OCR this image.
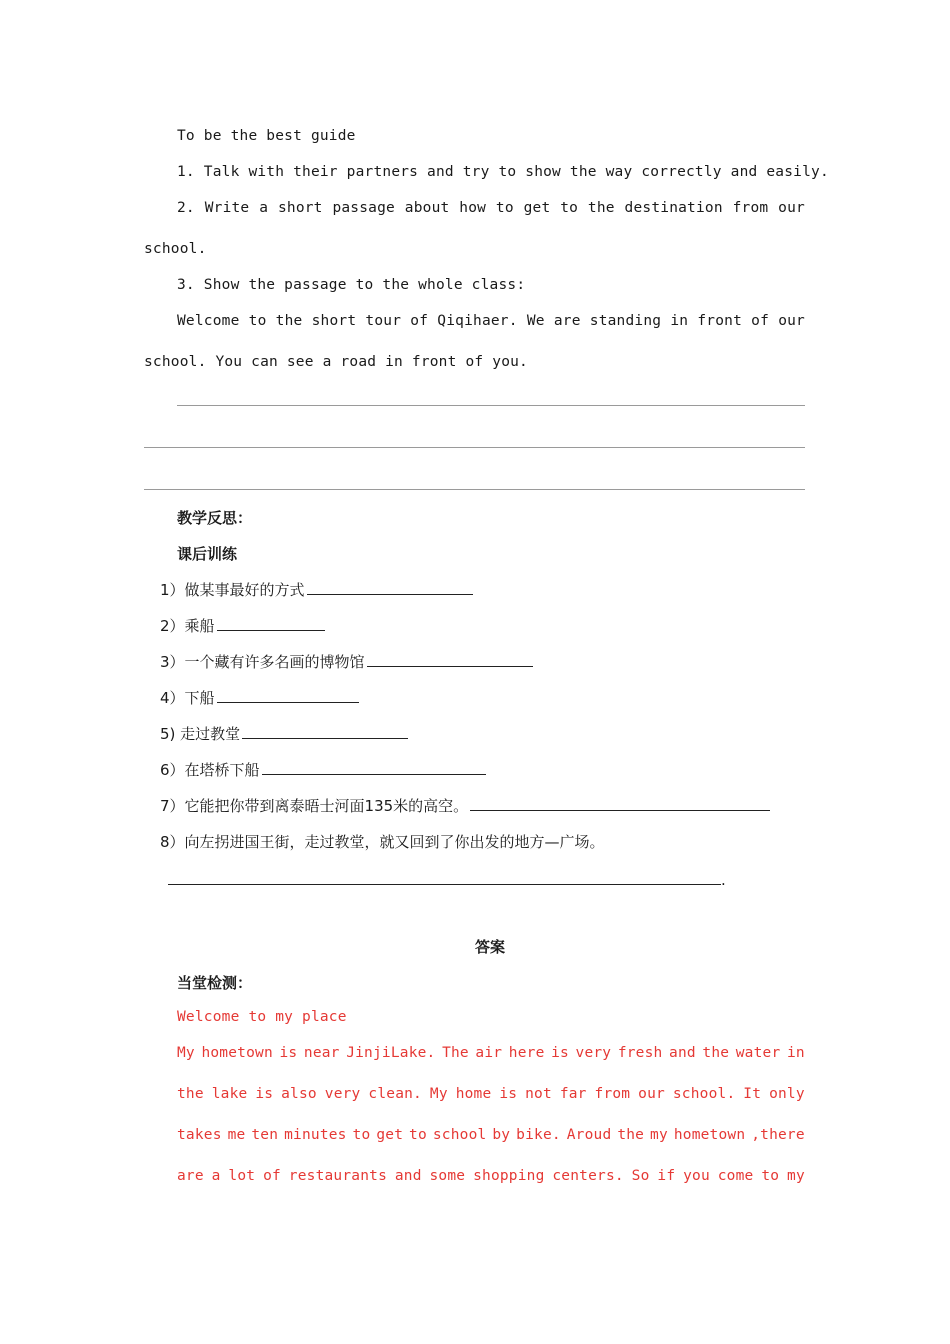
To be the best guide
1. Talk with their partners and try to show the way correctly and easily.
2. Write a short passage about how to get to the destination from our
school.
3. Show the passage to the whole class:
Welcome to the short tour of Qiqihaer. We are standing in front of our
school. You can see a road in front of you.
教学反思：
课后训练
1）做某事最好的方式
2）乘船
3）一个藏有许多名画的博物馆
4）下船
5) 走过教堂
6）在塔桥下船
7）它能把你带到离泰晤士河面135米的高空。
8）向左拐进国王街，走过教堂，就又回到了你出发的地方—广场。
.
答案
当堂检测：
Welcome to my place
My hometown is near JinjiLake. The air here is very fresh and the water in
the lake is also very clean. My home is not far from our school. It only
takes me ten minutes to get to school by bike. Aroud the my hometown ,there
are a lot of restaurants and some shopping centers. So if you come to my
